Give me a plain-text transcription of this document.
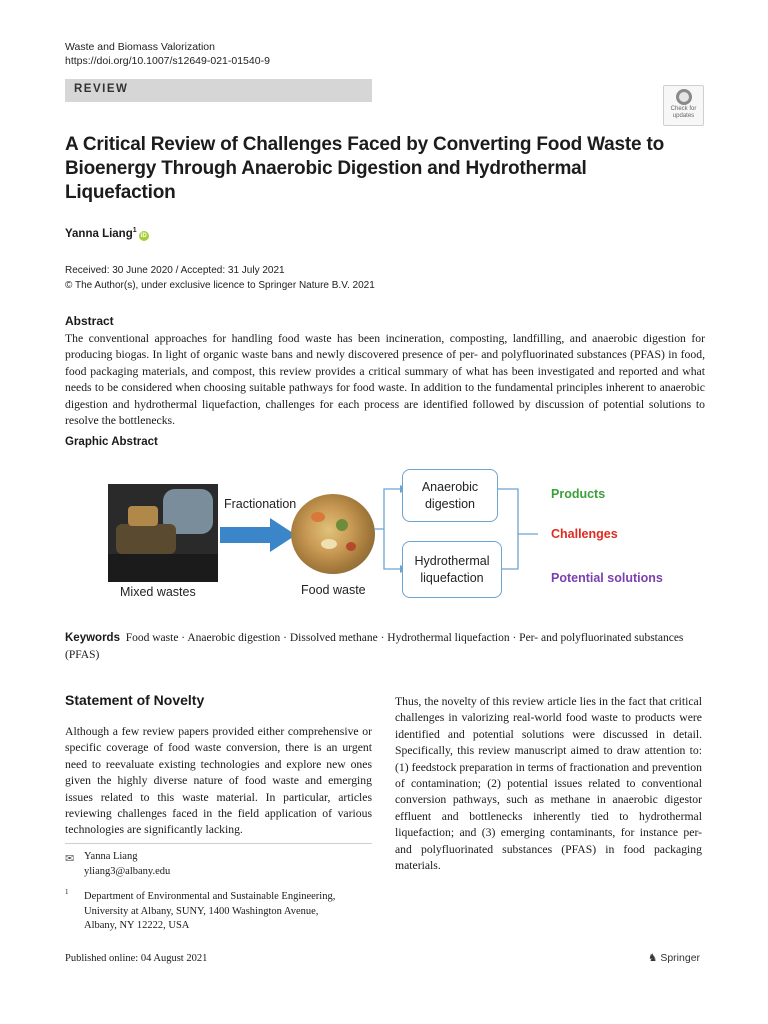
Waste and Biomass Valorization
https://doi.org/10.1007/s12649-021-01540-9
REVIEW
Check for
updates
A Critical Review of Challenges Faced by Converting Food Waste to Bioenergy Through Anaerobic Digestion and Hydrothermal Liquefaction
Yanna Liang$^1$iD
Received: 30 June 2020 / Accepted: 31 July 2021
© The Author(s), under exclusive licence to Springer Nature B.V. 2021
Abstract
The conventional approaches for handling food waste has been incineration, composting, landfilling, and anaerobic digestion for producing biogas. In light of organic waste bans and newly discovered presence of per- and polyfluorinated substances (PFAS) in food, food packaging materials, and compost, this review provides a critical summary of what has been investigated and reported and what needs to be considered when choosing suitable pathways for food waste. In addition to the fundamental principles inherent to anaerobic digestion and hydrothermal liquefaction, challenges for each process are identified followed by discussion of potential solutions to resolve the bottlenecks.
Graphic Abstract
Mixed wastes
Fractionation
Food waste
Anaerobic
digestion
Hydrothermal
liquefaction
Products
Challenges
Potential solutions
Keywords Food waste · Anaerobic digestion · Dissolved methane · Hydrothermal liquefaction · Per- and polyfluorinated substances (PFAS)
Statement of Novelty
Although a few review papers provided either comprehensive or specific coverage of food waste conversion, there is an urgent need to reevaluate existing technologies and explore new ones given the highly diverse nature of food waste and emerging issues related to this waste material. In particular, articles reviewing challenges faced in the field application of various technologies are significantly lacking.
Thus, the novelty of this review article lies in the fact that critical challenges in valorizing real-world food waste to products were identified and potential solutions were discussed in detail. Specifically, this review manuscript aimed to draw attention to: (1) feedstock preparation in terms of fractionation and prevention of contamination; (2) potential issues related to conventional conversion pathways, such as methane in anaerobic digestor effluent and bottlenecks inherently tied to hydrothermal liquefaction; and (3) emerging contaminants, for instance per- and polyfluorinated substances (PFAS) in food packaging materials.
✉ Yanna Liang
yliang3@albany.edu
1 Department of Environmental and Sustainable Engineering,
University at Albany, SUNY, 1400 Washington Avenue,
Albany, NY 12222, USA
Published online: 04 August 2021	♞ Springer
